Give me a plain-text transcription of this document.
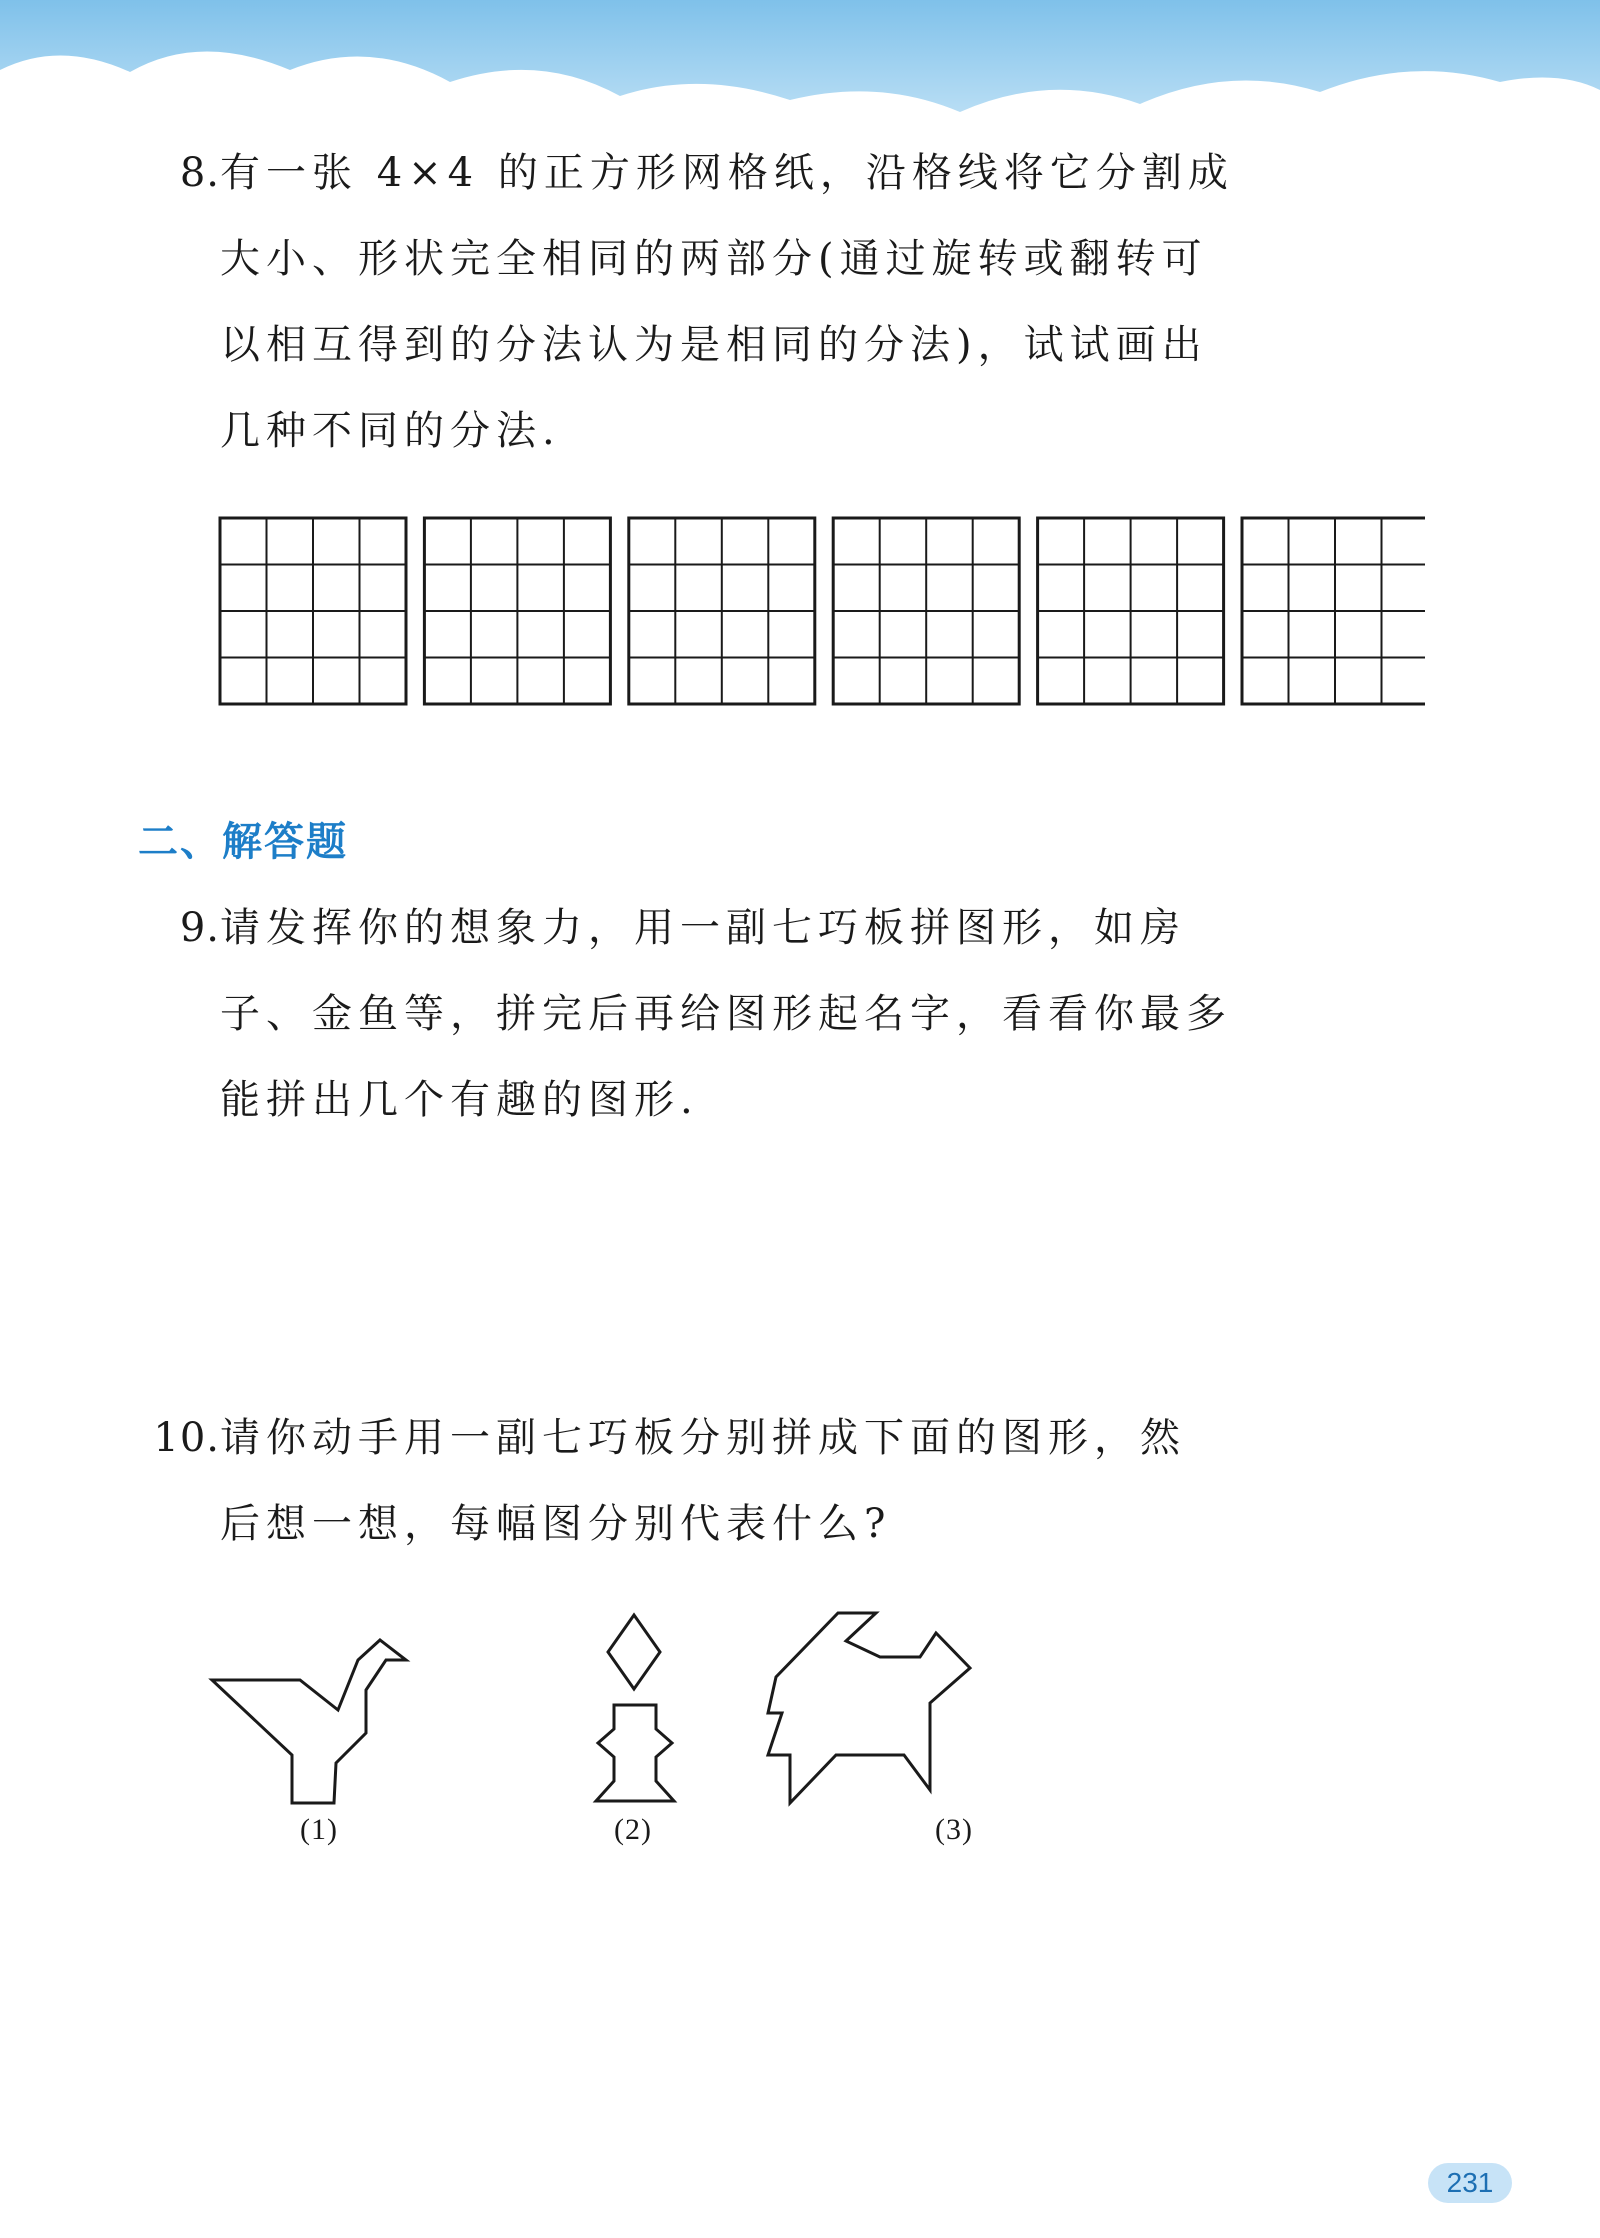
8. 有一张 4×4 的正方形网格纸，沿格线将它分割成
大小、形状完全相同的两部分(通过旋转或翻转可
以相互得到的分法认为是相同的分法)，试试画出
几种不同的分法.
二、解答题
9. 请发挥你的想象力，用一副七巧板拼图形，如房
子、金鱼等，拼完后再给图形起名字，看看你最多
能拼出几个有趣的图形.
10. 请你动手用一副七巧板分别拼成下面的图形，然
后想一想，每幅图分别代表什么?
(1)	(2)	(3)
231
